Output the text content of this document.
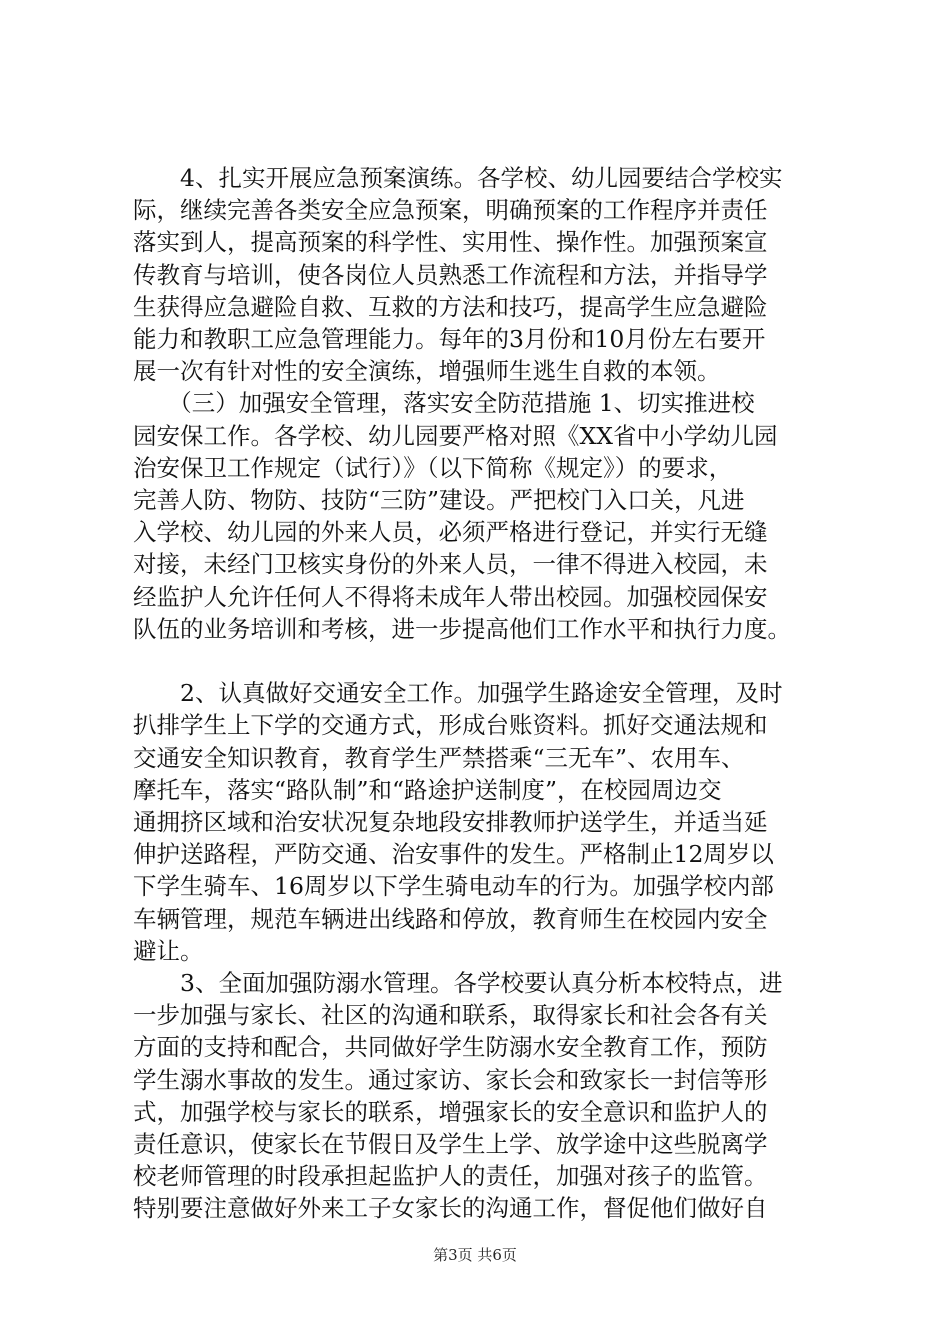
　　4、扎实开展应急预案演练。各学校、幼儿园要结合学校实
际，继续完善各类安全应急预案，明确预案的工作程序并责任
落实到人，提高预案的科学性、实用性、操作性。加强预案宣
传教育与培训，使各岗位人员熟悉工作流程和方法，并指导学
生获得应急避险自救、互救的方法和技巧，提高学生应急避险
能力和教职工应急管理能力。每年的3月份和10月份左右要开
展一次有针对性的安全演练，增强师生逃生自救的本领。
　　（三）加强安全管理，落实安全防范措施 1、切实推进校
园安保工作。各学校、幼儿园要严格对照《XX省中小学幼儿园
治安保卫工作规定（试行）》（以下简称《规定》）的要求，
完善人防、物防、技防“三防”建设。严把校门入口关，凡进
入学校、幼儿园的外来人员，必须严格进行登记，并实行无缝
对接，未经门卫核实身份的外来人员，一律不得进入校园，未
经监护人允许任何人不得将未成年人带出校园。加强校园保安
队伍的业务培训和考核，进一步提高他们工作水平和执行力度。
　　2、认真做好交通安全工作。加强学生路途安全管理，及时
扒排学生上下学的交通方式，形成台账资料。抓好交通法规和
交通安全知识教育，教育学生严禁搭乘“三无车”、农用车、
摩托车，落实“路队制”和“路途护送制度”，在校园周边交
通拥挤区域和治安状况复杂地段安排教师护送学生，并适当延
伸护送路程，严防交通、治安事件的发生。严格制止12周岁以
下学生骑车、16周岁以下学生骑电动车的行为。加强学校内部
车辆管理，规范车辆进出线路和停放，教育师生在校园内安全
避让。
　　3、全面加强防溺水管理。各学校要认真分析本校特点，进
一步加强与家长、社区的沟通和联系，取得家长和社会各有关
方面的支持和配合，共同做好学生防溺水安全教育工作，预防
学生溺水事故的发生。通过家访、家长会和致家长一封信等形
式，加强学校与家长的联系，增强家长的安全意识和监护人的
责任意识，使家长在节假日及学生上学、放学途中这些脱离学
校老师管理的时段承担起监护人的责任，加强对孩子的监管。
特别要注意做好外来工子女家长的沟通工作，督促他们做好自
第3页 共6页
